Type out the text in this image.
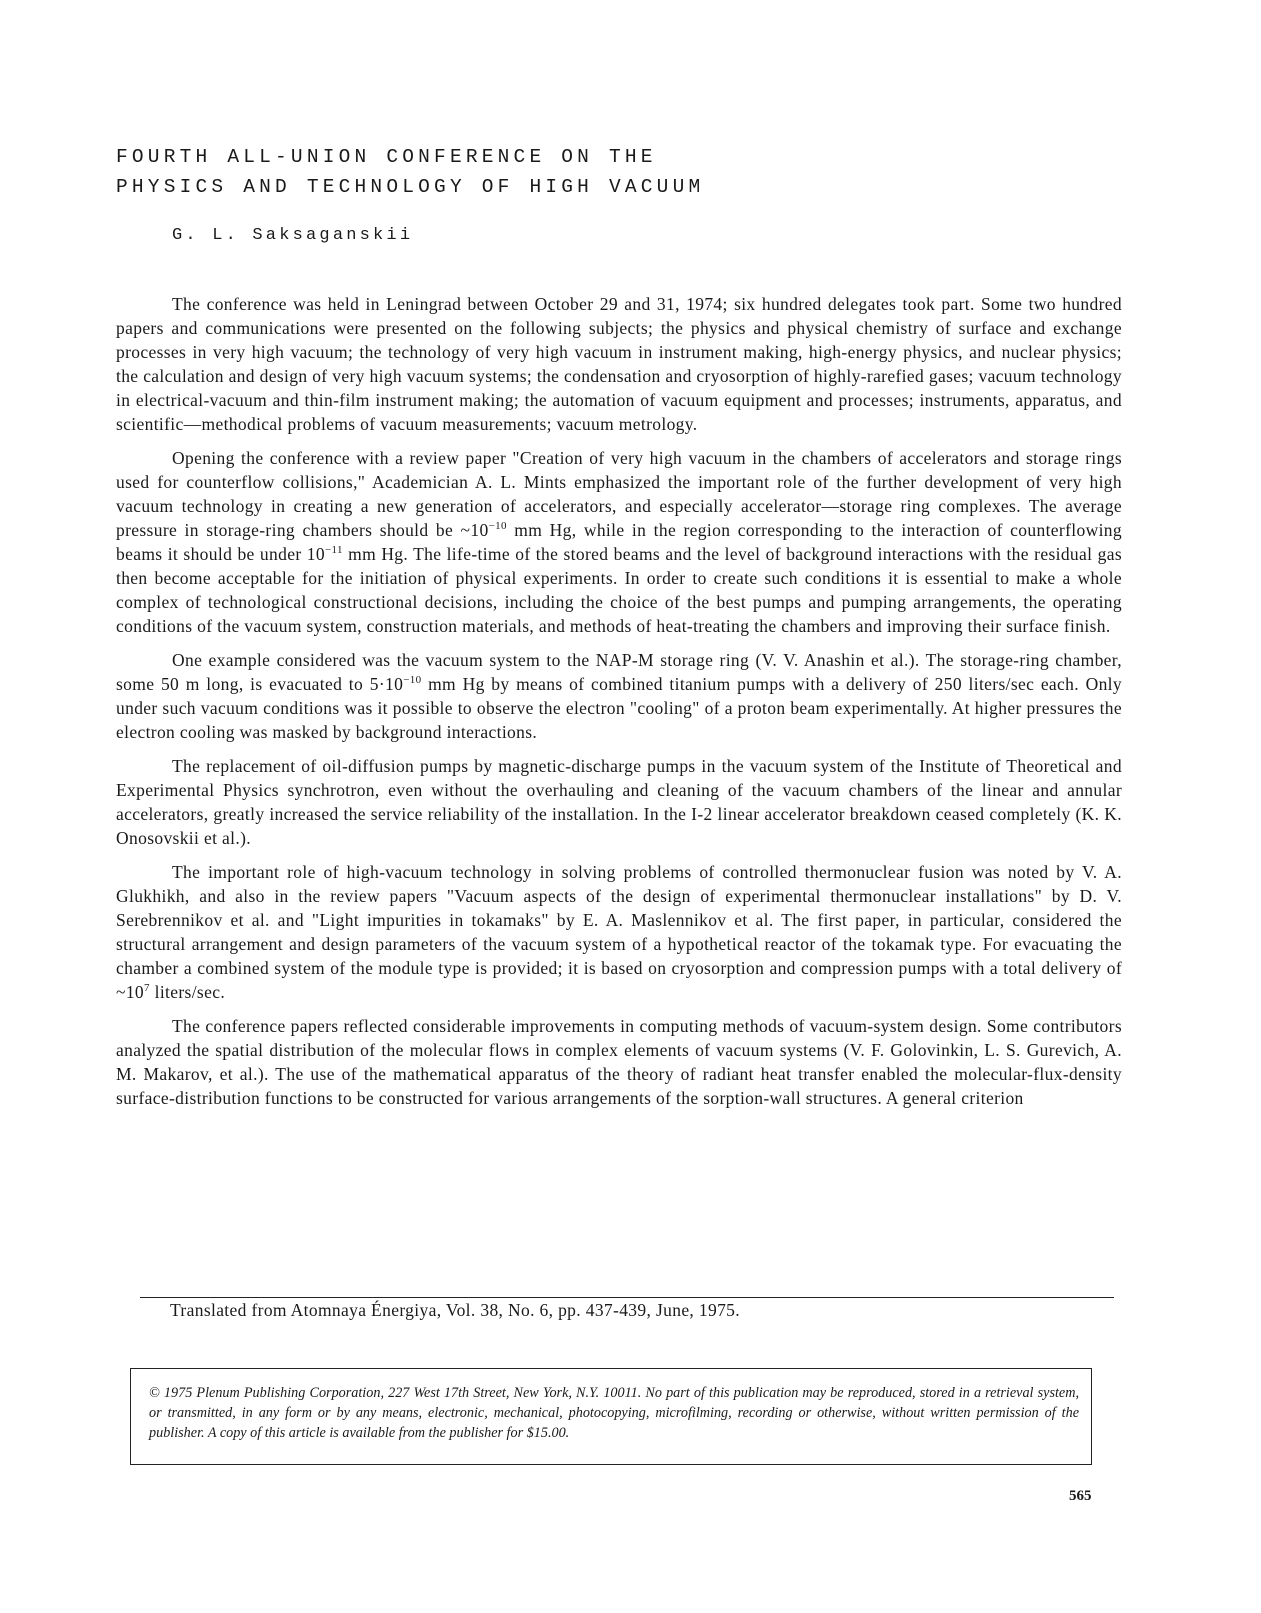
FOURTH ALL-UNION CONFERENCE ON THE
PHYSICS AND TECHNOLOGY OF HIGH VACUUM
G. L. Saksaganskii

The conference was held in Leningrad between October 29 and 31, 1974; six hundred delegates took part. Some two hundred papers and communications were presented on the following subjects; the physics and physical chemistry of surface and exchange processes in very high vacuum; the technology of very high vacuum in instrument making, high-energy physics, and nuclear physics; the calculation and design of very high vacuum systems; the condensation and cryosorption of highly-rarefied gases; vacuum technology in electrical-vacuum and thin-film instrument making; the automation of vacuum equipment and processes; instruments, apparatus, and scientific—methodical problems of vacuum measurements; vacuum metrology.

Opening the conference with a review paper "Creation of very high vacuum in the chambers of accelerators and storage rings used for counterflow collisions," Academician A. L. Mints emphasized the important role of the further development of very high vacuum technology in creating a new generation of accelerators, and especially accelerator—storage ring complexes. The average pressure in storage-ring chambers should be $\sim 10^{-10}$ mm Hg, while in the region corresponding to the interaction of counterflowing beams it should be under $10^{-11}$ mm Hg. The life-time of the stored beams and the level of background interactions with the residual gas then become acceptable for the initiation of physical experiments. In order to create such conditions it is essential to make a whole complex of technological constructional decisions, including the choice of the best pumps and pumping arrangements, the operating conditions of the vacuum system, construction materials, and methods of heat-treating the chambers and improving their surface finish.

One example considered was the vacuum system to the NAP-M storage ring (V. V. Anashin et al.). The storage-ring chamber, some 50 m long, is evacuated to $5\cdot 10^{-10}$ mm Hg by means of combined titanium pumps with a delivery of 250 liters/sec each. Only under such vacuum conditions was it possible to observe the electron "cooling" of a proton beam experimentally. At higher pressures the electron cooling was masked by background interactions.

The replacement of oil-diffusion pumps by magnetic-discharge pumps in the vacuum system of the Institute of Theoretical and Experimental Physics synchrotron, even without the overhauling and cleaning of the vacuum chambers of the linear and annular accelerators, greatly increased the service reliability of the installation. In the I-2 linear accelerator breakdown ceased completely (K. K. Onosovskii et al.).

The important role of high-vacuum technology in solving problems of controlled thermonuclear fusion was noted by V. A. Glukhikh, and also in the review papers "Vacuum aspects of the design of experimental thermonuclear installations" by D. V. Serebrennikov et al. and "Light impurities in tokamaks" by E. A. Maslennikov et al. The first paper, in particular, considered the structural arrangement and design parameters of the vacuum system of a hypothetical reactor of the tokamak type. For evacuating the chamber a combined system of the module type is provided; it is based on cryosorption and compression pumps with a total delivery of $\sim 10^7$ liters/sec.

The conference papers reflected considerable improvements in computing methods of vacuum-system design. Some contributors analyzed the spatial distribution of the molecular flows in complex elements of vacuum systems (V. F. Golovinkin, L. S. Gurevich, A. M. Makarov, et al.). The use of the mathematical apparatus of the theory of radiant heat transfer enabled the molecular-flux-density surface-distribution functions to be constructed for various arrangements of the sorption-wall structures. A general criterion

Translated from Atomnaya Énergiya, Vol. 38, No. 6, pp. 437-439, June, 1975.
© 1975 Plenum Publishing Corporation, 227 West 17th Street, New York, N.Y. 10011. No part of this publication may be reproduced, stored in a retrieval system, or transmitted, in any form or by any means, electronic, mechanical, photocopying, microfilming, recording or otherwise, without written permission of the publisher. A copy of this article is available from the publisher for $15.00.
565
